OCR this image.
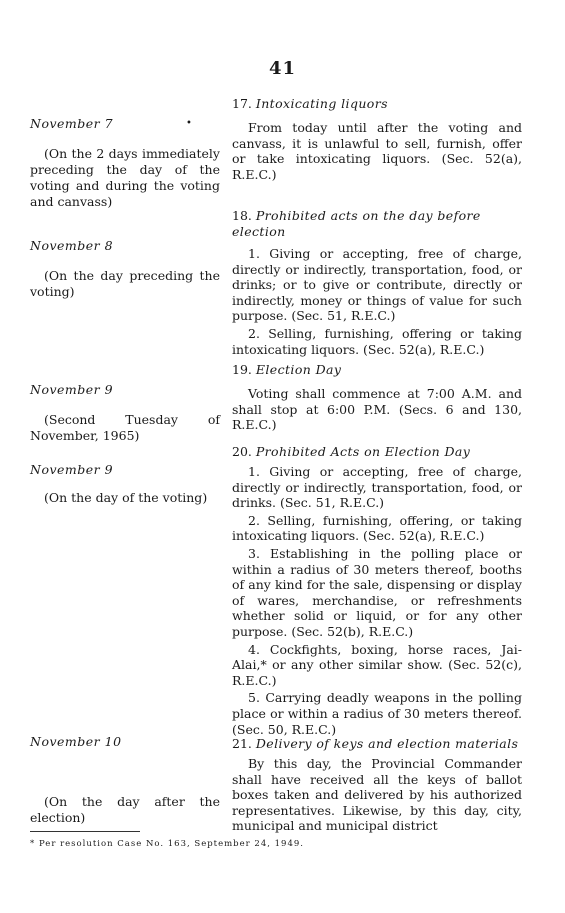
41
•
November 7
(On the 2 days immediately preceding the day of the voting and during the voting and canvass)
November 8
(On the day preceding the voting)
November 9
(Second Tuesday of November, 1965)
November 9
(On the day of the voting)
November 10
(On the day after the election)
17. Intoxicating liquors

From today until after the voting and canvass, it is unlawful to sell, furnish, offer or take intoxicating liquors. (Sec. 52(a), R.E.C.)

18. Prohibited acts on the day before election

1. Giving or accepting, free of charge, directly or indirectly, transportation, food, or drinks; or to give or contribute, directly or indirectly, money or things of value for such purpose. (Sec. 51, R.E.C.)

2. Selling, furnishing, offering or taking intoxicating liquors. (Sec. 52(a), R.E.C.)

19. Election Day

Voting shall commence at 7:00 A.M. and shall stop at 6:00 P.M. (Secs. 6 and 130, R.E.C.)

20. Prohibited Acts on Election Day

1. Giving or accepting, free of charge, directly or indirectly, transportation, food, or drinks. (Sec. 51, R.E.C.)

2. Selling, furnishing, offering, or taking intoxicating liquors. (Sec. 52(a), R.E.C.)

3. Establishing in the polling place or within a radius of 30 meters thereof, booths of any kind for the sale, dispensing or display of wares, merchandise, or refreshments whether solid or liquid, or for any other purpose. (Sec. 52(b), R.E.C.)

4. Cockfights, boxing, horse races, Jai-Alai,* or any other similar show. (Sec. 52(c), R.E.C.)

5. Carrying deadly weapons in the polling place or within a radius of 30 meters thereof. (Sec. 50, R.E.C.)

21. Delivery of keys and election materials

By this day, the Provincial Commander shall have received all the keys of ballot boxes taken and delivered by his authorized representatives. Likewise, by this day, city, municipal and municipal district

* Per resolution Case No. 163, September 24, 1949.
